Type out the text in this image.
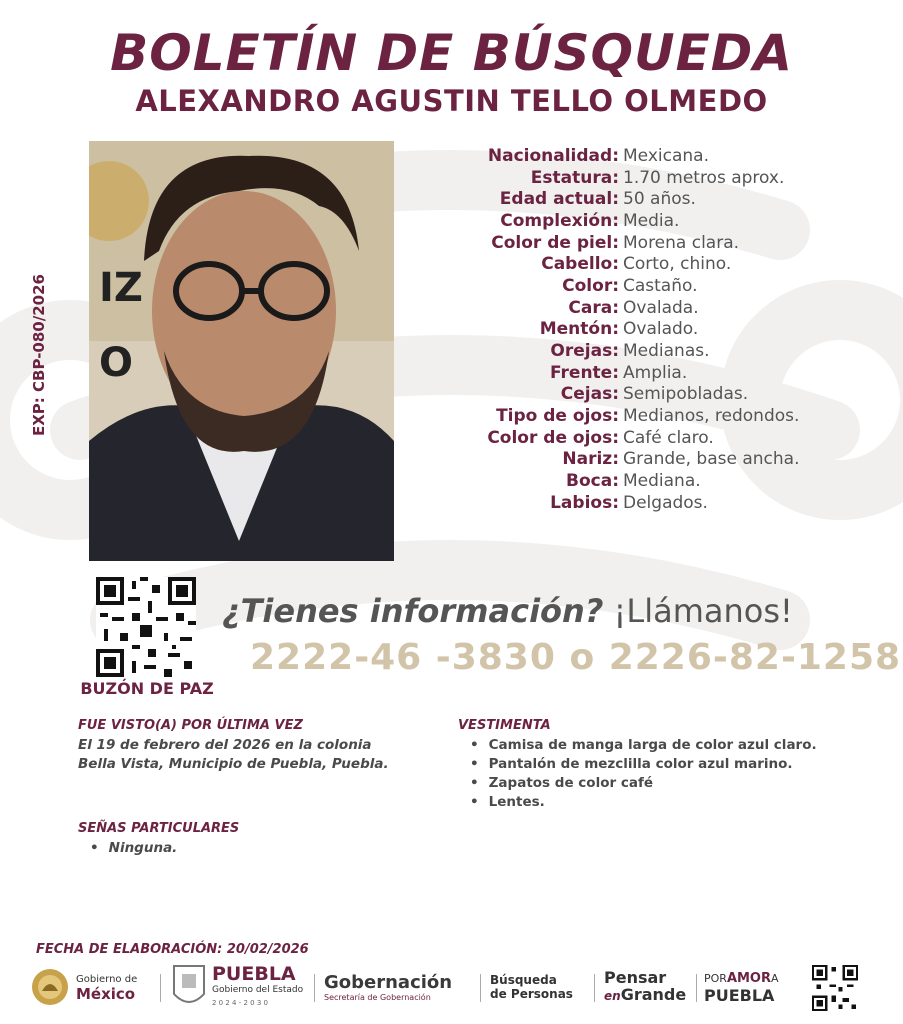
BOLETÍN DE BÚSQUEDA
ALEXANDRO AGUSTIN TELLO OLMEDO
EXP: CBP-080/2026 IZ
O
Nacionalidad: Mexicana.
Estatura: 1.70 metros aprox.
Edad actual: 50 años.
Complexión: Media.
Color de piel: Morena clara.
Cabello: Corto, chino.
Color: Castaño.
Cara: Ovalada.
Mentón: Ovalado.
Orejas: Medianas.
Frente: Amplia.
Cejas: Semipobladas.
Tipo de ojos: Medianos, redondos.
Color de ojos: Café claro.
Nariz: Grande, base ancha.
Boca: Mediana.
Labios: Delgados.
BUZÓN DE PAZ
¿Tienes información? ¡Llámanos!
2222-46 -3830 o 2226-82-1258
FUE VISTO(A) POR ÚLTIMA VEZ
El 19 de febrero del 2026 en la colonia
Bella Vista, Municipio de Puebla, Puebla.
VESTIMENTA
• Camisa de manga larga de color azul claro.
• Pantalón de mezclilla color azul marino.
• Zapatos de color café
• Lentes.
SEÑAS PARTICULARES
• Ninguna.
FECHA DE ELABORACIÓN: 20/02/2026
Gobierno de
México
PUEBLA
Gobierno del Estado
2 0 2 4 - 2 0 3 0
Gobernación
Secretaría de Gobernación
Búsqueda
de Personas
Pensar
enGrande
PORAMORA
PUEBLA
